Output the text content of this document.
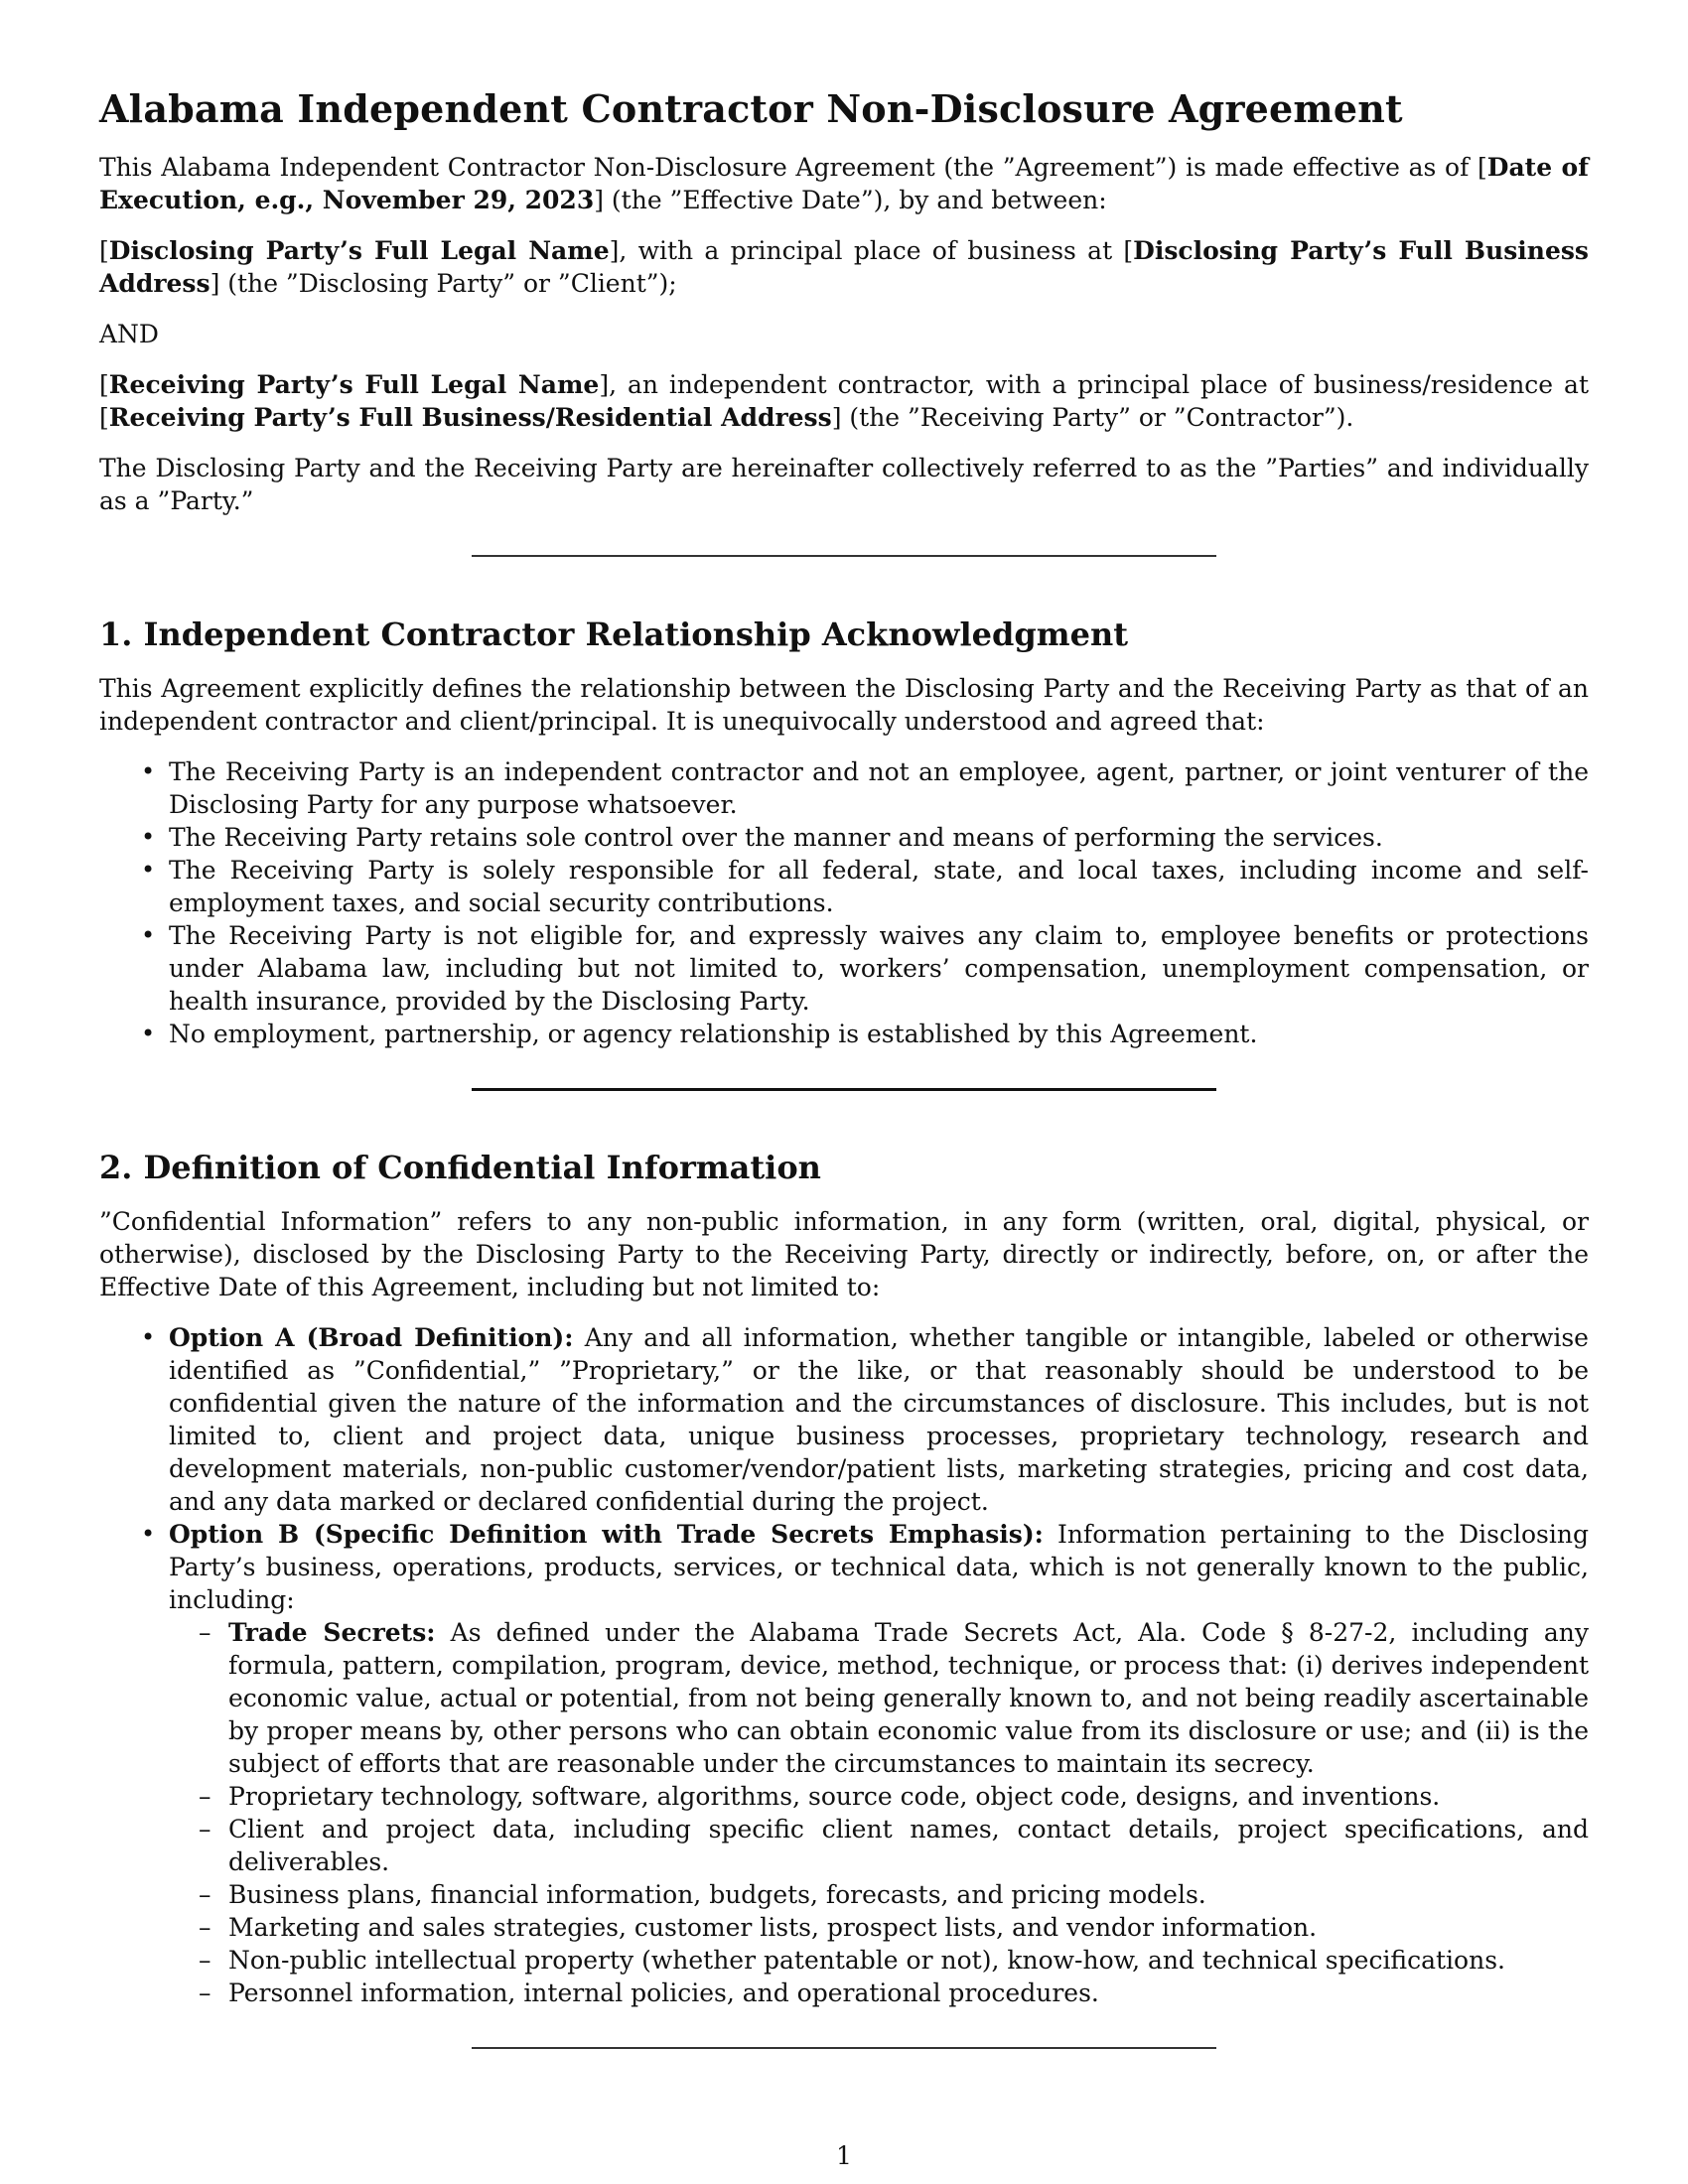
Alabama Independent Contractor Non-Disclosure Agreement

This Alabama Independent Contractor Non-Disclosure Agreement (the ”Agreement”) is made effective as of [Date of Execution, e.g., November 29, 2023] (the ”Effective Date”), by and between:

[Disclosing Party’s Full Legal Name], with a principal place of business at [Disclosing Party’s Full Business Address] (the ”Disclosing Party” or ”Client”);

AND

[Receiving Party’s Full Legal Name], an independent contractor, with a principal place of business/residence at [Receiving Party’s Full Business/Residential Address] (the ”Receiving Party” or ”Contractor”).

The Disclosing Party and the Receiving Party are hereinafter collectively referred to as the ”Parties” and individually as a ”Party.”

1. Independent Contractor Relationship Acknowledgment

This Agreement explicitly defines the relationship between the Disclosing Party and the Receiving Party as that of an independent contractor and client/principal. It is unequivocally understood and agreed that:

• The Receiving Party is an independent contractor and not an employee, agent, partner, or joint venturer of the Disclosing Party for any purpose whatsoever.
• The Receiving Party retains sole control over the manner and means of performing the services.
• The Receiving Party is solely responsible for all federal, state, and local taxes, including income and self-employment taxes, and social security contributions.
• The Receiving Party is not eligible for, and expressly waives any claim to, employee benefits or protections under Alabama law, including but not limited to, workers’ compensation, unemployment compensation, or health insurance, provided by the Disclosing Party.
• No employment, partnership, or agency relationship is established by this Agreement.
2. Definition of Confidential Information

”Confidential Information” refers to any non-public information, in any form (written, oral, digital, physical, or otherwise), disclosed by the Disclosing Party to the Receiving Party, directly or indirectly, before, on, or after the Effective Date of this Agreement, including but not limited to:

• Option A (Broad Definition): Any and all information, whether tangible or intangible, labeled or otherwise identified as ”Confidential,” ”Proprietary,” or the like, or that reasonably should be understood to be confidential given the nature of the information and the circumstances of disclosure. This includes, but is not limited to, client and project data, unique business processes, proprietary technology, research and development materials, non-public customer/vendor/patient lists, marketing strategies, pricing and cost data, and any data marked or declared confidential during the project.
• Option B (Specific Definition with Trade Secrets Emphasis): Information pertaining to the Disclosing Party’s business, operations, products, services, or technical data, which is not generally known to the public, including:
– Trade Secrets: As defined under the Alabama Trade Secrets Act, Ala. Code § 8-27-2, including any formula, pattern, compilation, program, device, method, technique, or process that: (i) derives independent economic value, actual or potential, from not being generally known to, and not being readily ascertainable by proper means by, other persons who can obtain economic value from its disclosure or use; and (ii) is the subject of efforts that are reasonable under the circumstances to maintain its secrecy.
– Proprietary technology, software, algorithms, source code, object code, designs, and inventions.
– Client and project data, including specific client names, contact details, project specifications, and deliverables.
– Business plans, financial information, budgets, forecasts, and pricing models.
– Marketing and sales strategies, customer lists, prospect lists, and vendor information.
– Non-public intellectual property (whether patentable or not), know-how, and technical specifications.
– Personnel information, internal policies, and operational procedures.
1
